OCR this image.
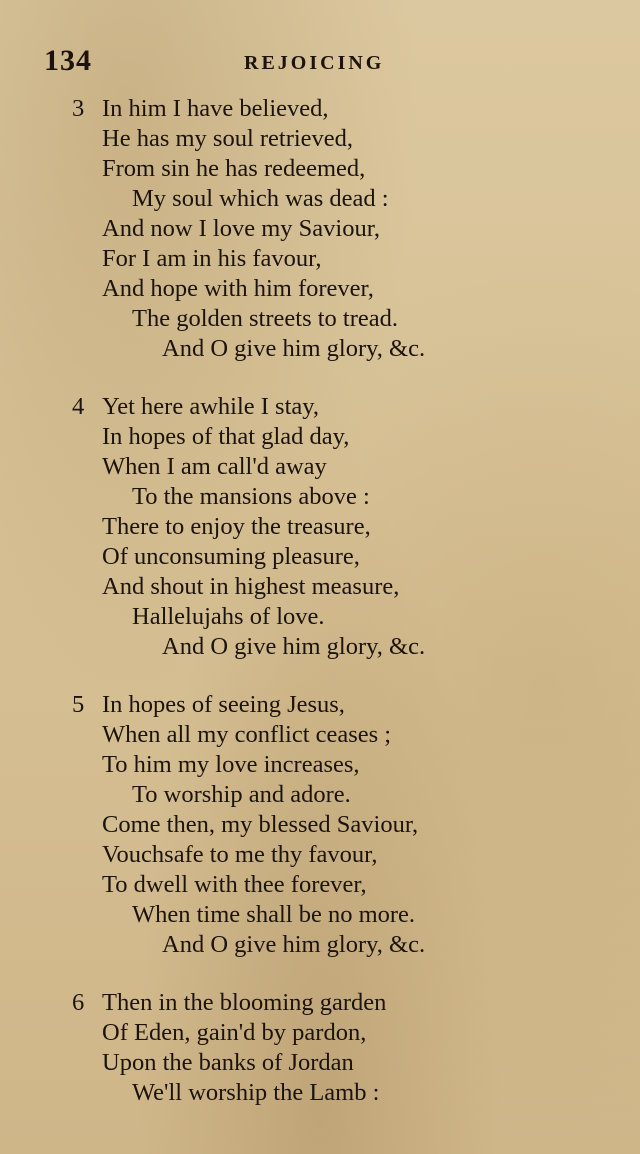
134	REJOICING
3 In him I have believed,
He has my soul retrieved,
From sin he has redeemed,
My soul which was dead :
And now I love my Saviour,
For I am in his favour,
And hope with him forever,
The golden streets to tread.
And O give him glory, &c.
4 Yet here awhile I stay,
In hopes of that glad day,
When I am call'd away
To the mansions above :
There to enjoy the treasure,
Of unconsuming pleasure,
And shout in highest measure,
Hallelujahs of love.
And O give him glory, &c.
5 In hopes of seeing Jesus,
When all my conflict ceases ;
To him my love increases,
To worship and adore.
Come then, my blessed Saviour,
Vouchsafe to me thy favour,
To dwell with thee forever,
When time shall be no more.
And O give him glory, &c.
6 Then in the blooming garden
Of Eden, gain'd by pardon,
Upon the banks of Jordan
We'll worship the Lamb :
